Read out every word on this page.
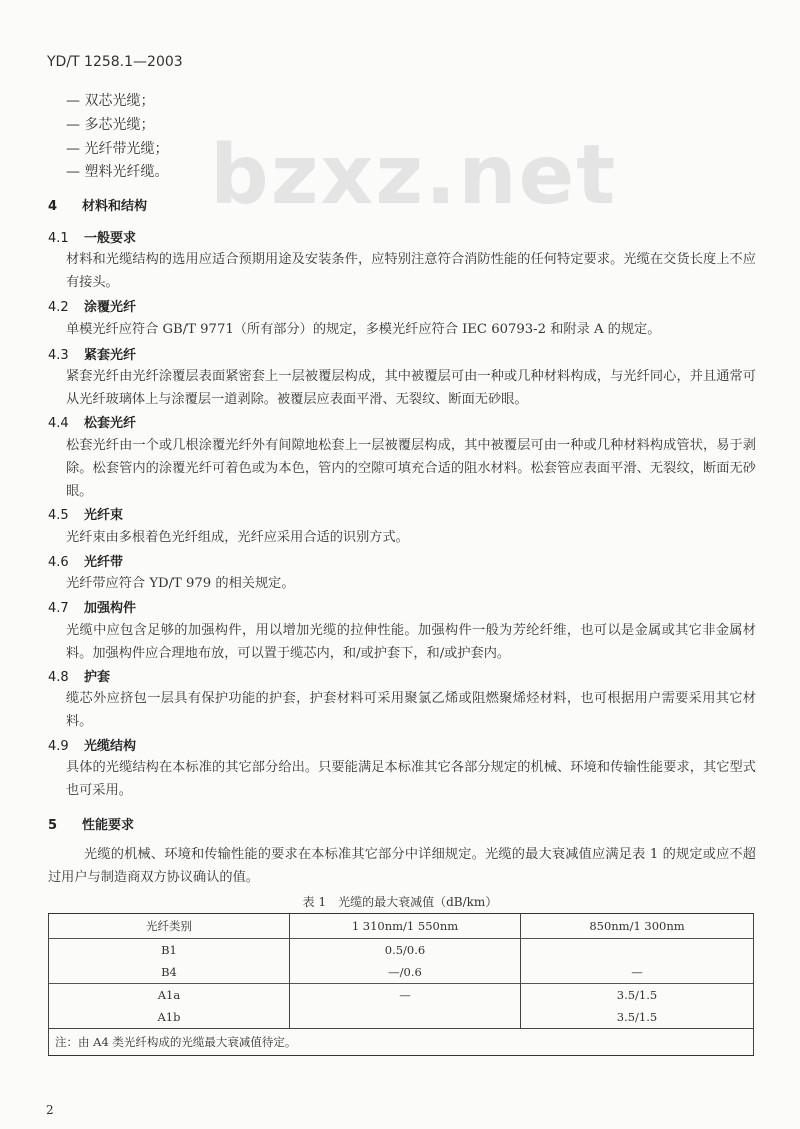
YD/T 1258.1—2003
bzxz.net
— 双芯光缆；
— 多芯光缆；
— 光纤带光缆；
— 塑料光纤缆。
4 材料和结构
4.1 一般要求
材料和光缆结构的选用应适合预期用途及安装条件，应特别注意符合消防性能的任何特定要求。光缆在交货长度上不应有接头。
4.2 涂覆光纤
单模光纤应符合 GB/T 9771（所有部分）的规定，多模光纤应符合 IEC 60793-2 和附录 A 的规定。
4.3 紧套光纤
紧套光纤由光纤涂覆层表面紧密套上一层被覆层构成，其中被覆层可由一种或几种材料构成，与光纤同心，并且通常可从光纤玻璃体上与涂覆层一道剥除。被覆层应表面平滑、无裂纹、断面无砂眼。
4.4 松套光纤
松套光纤由一个或几根涂覆光纤外有间隙地松套上一层被覆层构成，其中被覆层可由一种或几种材料构成管状，易于剥除。松套管内的涂覆光纤可着色或为本色，管内的空隙可填充合适的阻水材料。松套管应表面平滑、无裂纹，断面无砂眼。
4.5 光纤束
光纤束由多根着色光纤组成，光纤应采用合适的识别方式。
4.6 光纤带
光纤带应符合 YD/T 979 的相关规定。
4.7 加强构件
光缆中应包含足够的加强构件，用以增加光缆的拉伸性能。加强构件一般为芳纶纤维，也可以是金属或其它非金属材料。加强构件应合理地布放，可以置于缆芯内，和/或护套下，和/或护套内。
4.8 护套
缆芯外应挤包一层具有保护功能的护套，护套材料可采用聚氯乙烯或阻燃聚烯烃材料，也可根据用户需要采用其它材料。
4.9 光缆结构
具体的光缆结构在本标准的其它部分给出。只要能满足本标准其它各部分规定的机械、环境和传输性能要求，其它型式也可采用。
5 性能要求
光缆的机械、环境和传输性能的要求在本标准其它部分中详细规定。光缆的最大衰减值应满足表 1 的规定或应不超过用户与制造商双方协议确认的值。
表 1　光缆的最大衰减值（dB/km）
光纤类别	1 310nm/1 550nm	850nm/1 300nm
B1	0.5/0.6	
B4	—/0.6	—
A1a	—	3.5/1.5
A1b		3.5/1.5
注：由 A4 类光纤构成的光缆最大衰减值待定。		
2
